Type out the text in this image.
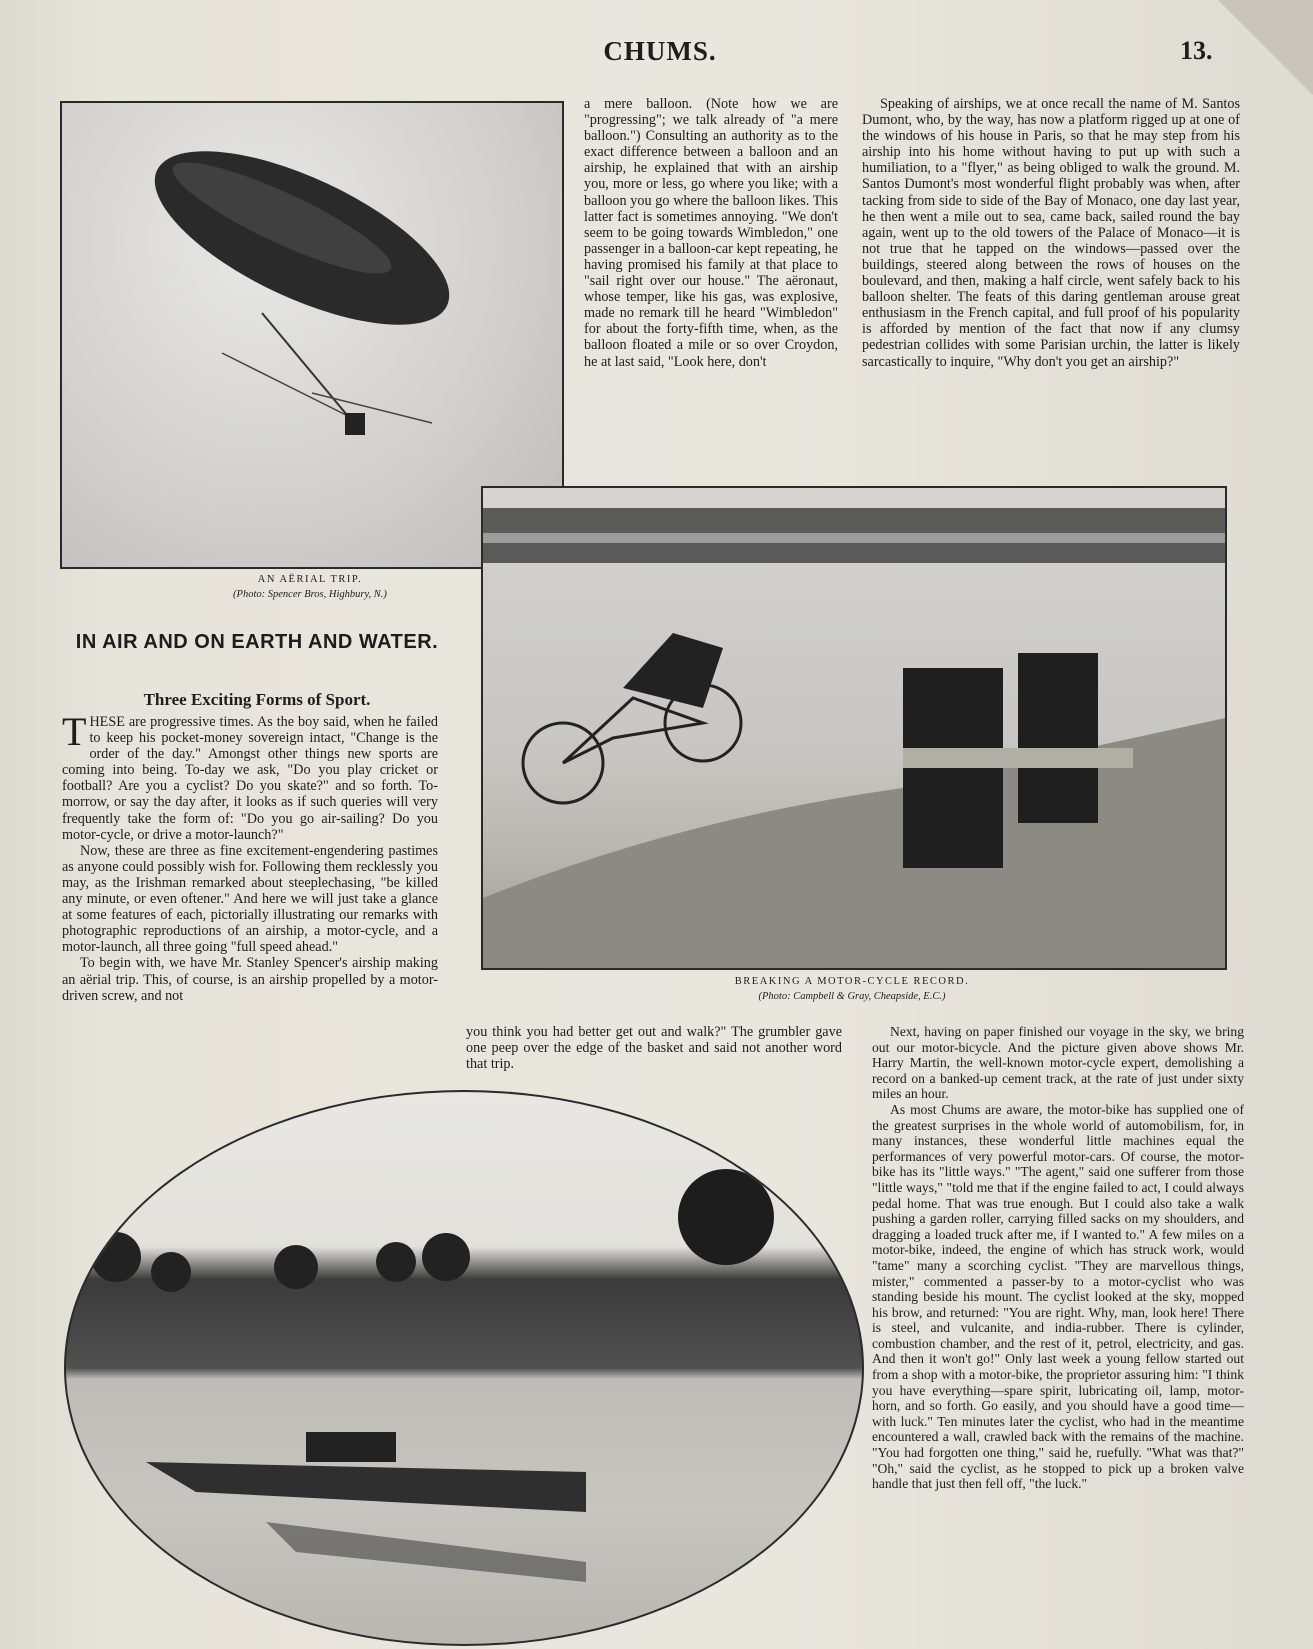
CHUMS.	13.
AN AËRIAL TRIP.
(Photo: Spencer Bros, Highbury, N.)
BREAKING A MOTOR-CYCLE RECORD.
(Photo: Campbell & Gray, Cheapside, E.C.)
IN AIR AND ON EARTH AND WATER.
Three Exciting Forms of Sport.

THESE are progressive times. As the boy said, when he failed to keep his pocket-money sovereign intact, "Change is the order of the day." Amongst other things new sports are coming into being. To-day we ask, "Do you play cricket or football? Are you a cyclist? Do you skate?" and so forth. To-morrow, or say the day after, it looks as if such queries will very frequently take the form of: "Do you go air-sailing? Do you motor-cycle, or drive a motor-launch?"

Now, these are three as fine excitement-engendering pastimes as anyone could possibly wish for. Following them recklessly you may, as the Irishman remarked about steeplechasing, "be killed any minute, or even oftener." And here we will just take a glance at some features of each, pictorially illustrating our remarks with photographic reproductions of an airship, a motor-cycle, and a motor-launch, all three going "full speed ahead."

To begin with, we have Mr. Stanley Spencer's airship making an aërial trip. This, of course, is an airship propelled by a motor-driven screw, and not

a mere balloon. (Note how we are "progressing"; we talk already of "a mere balloon.") Consulting an authority as to the exact difference between a balloon and an airship, he explained that with an airship you, more or less, go where you like; with a balloon you go where the balloon likes. This latter fact is sometimes annoying. "We don't seem to be going towards Wimbledon," one passenger in a balloon-car kept repeating, he having promised his family at that place to "sail right over our house." The aëronaut, whose temper, like his gas, was explosive, made no remark till he heard "Wimbledon" for about the forty-fifth time, when, as the balloon floated a mile or so over Croydon, he at last said, "Look here, don't

you think you had better get out and walk?" The grumbler gave one peep over the edge of the basket and said not another word that trip.

Speaking of airships, we at once recall the name of M. Santos Dumont, who, by the way, has now a platform rigged up at one of the windows of his house in Paris, so that he may step from his airship into his home without having to put up with such a humiliation, to a "flyer," as being obliged to walk the ground. M. Santos Dumont's most wonderful flight probably was when, after tacking from side to side of the Bay of Monaco, one day last year, he then went a mile out to sea, came back, sailed round the bay again, went up to the old towers of the Palace of Monaco—it is not true that he tapped on the windows—passed over the buildings, steered along between the rows of houses on the boulevard, and then, making a half circle, went safely back to his balloon shelter. The feats of this daring gentleman arouse great enthusiasm in the French capital, and full proof of his popularity is afforded by mention of the fact that now if any clumsy pedestrian collides with some Parisian urchin, the latter is likely sarcastically to inquire, "Why don't you get an airship?"

Next, having on paper finished our voyage in the sky, we bring out our motor-bicycle. And the picture given above shows Mr. Harry Martin, the well-known motor-cycle expert, demolishing a record on a banked-up cement track, at the rate of just under sixty miles an hour.

As most Chums are aware, the motor-bike has supplied one of the greatest surprises in the whole world of automobilism, for, in many instances, these wonderful little machines equal the performances of very powerful motor-cars. Of course, the motor-bike has its "little ways." "The agent," said one sufferer from those "little ways," "told me that if the engine failed to act, I could always pedal home. That was true enough. But I could also take a walk pushing a garden roller, carrying filled sacks on my shoulders, and dragging a loaded truck after me, if I wanted to." A few miles on a motor-bike, indeed, the engine of which has struck work, would "tame" many a scorching cyclist. "They are marvellous things, mister," commented a passer-by to a motor-cyclist who was standing beside his mount. The cyclist looked at the sky, mopped his brow, and returned: "You are right. Why, man, look here! There is steel, and vulcanite, and india-rubber. There is cylinder, combustion chamber, and the rest of it, petrol, electricity, and gas. And then it won't go!" Only last week a young fellow started out from a shop with a motor-bike, the proprietor assuring him: "I think you have everything—spare spirit, lubricating oil, lamp, motor-horn, and so forth. Go easily, and you should have a good time—with luck." Ten minutes later the cyclist, who had in the meantime encountered a wall, crawled back with the remains of the machine. "You had forgotten one thing," said he, ruefully. "What was that?" "Oh," said the cyclist, as he stopped to pick up a broken valve handle that just then fell off, "the luck."
